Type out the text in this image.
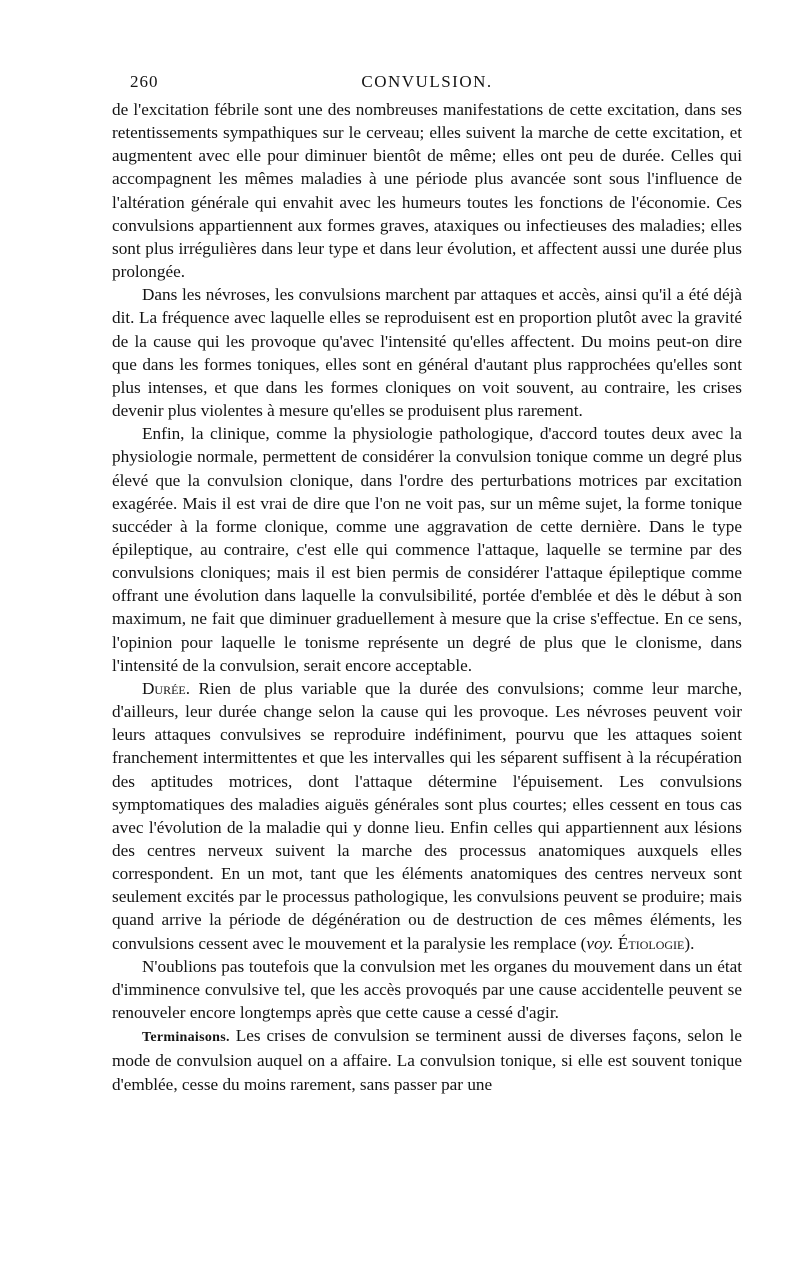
260	CONVULSION.

de l'excitation fébrile sont une des nombreuses manifestations de cette excitation, dans ses retentissements sympathiques sur le cerveau; elles suivent la marche de cette excitation, et augmentent avec elle pour diminuer bientôt de même; elles ont peu de durée. Celles qui accompagnent les mêmes maladies à une période plus avancée sont sous l'influence de l'altération générale qui envahit avec les humeurs toutes les fonctions de l'économie. Ces convulsions appartiennent aux formes graves, ataxiques ou infectieuses des maladies; elles sont plus irrégulières dans leur type et dans leur évolution, et affectent aussi une durée plus prolongée.

Dans les névroses, les convulsions marchent par attaques et accès, ainsi qu'il a été déjà dit. La fréquence avec laquelle elles se reproduisent est en proportion plutôt avec la gravité de la cause qui les provoque qu'avec l'intensité qu'elles affectent. Du moins peut-on dire que dans les formes toniques, elles sont en général d'autant plus rapprochées qu'elles sont plus intenses, et que dans les formes cloniques on voit souvent, au contraire, les crises devenir plus violentes à mesure qu'elles se produisent plus rarement.

Enfin, la clinique, comme la physiologie pathologique, d'accord toutes deux avec la physiologie normale, permettent de considérer la convulsion tonique comme un degré plus élevé que la convulsion clonique, dans l'ordre des perturbations motrices par excitation exagérée. Mais il est vrai de dire que l'on ne voit pas, sur un même sujet, la forme tonique succéder à la forme clonique, comme une aggravation de cette dernière. Dans le type épileptique, au contraire, c'est elle qui commence l'attaque, laquelle se termine par des convulsions cloniques; mais il est bien permis de considérer l'attaque épileptique comme offrant une évolution dans laquelle la convulsibilité, portée d'emblée et dès le début à son maximum, ne fait que diminuer graduellement à mesure que la crise s'effectue. En ce sens, l'opinion pour laquelle le tonisme représente un degré de plus que le clonisme, dans l'intensité de la convulsion, serait encore acceptable.

Durée. Rien de plus variable que la durée des convulsions; comme leur marche, d'ailleurs, leur durée change selon la cause qui les provoque. Les névroses peuvent voir leurs attaques convulsives se reproduire indéfiniment, pourvu que les attaques soient franchement intermittentes et que les intervalles qui les séparent suffisent à la récupération des aptitudes motrices, dont l'attaque détermine l'épuisement. Les convulsions symptomatiques des maladies aiguës générales sont plus courtes; elles cessent en tous cas avec l'évolution de la maladie qui y donne lieu. Enfin celles qui appartiennent aux lésions des centres nerveux suivent la marche des processus anatomiques auxquels elles correspondent. En un mot, tant que les éléments anatomiques des centres nerveux sont seulement excités par le processus pathologique, les convulsions peuvent se produire; mais quand arrive la période de dégénération ou de destruction de ces mêmes éléments, les convulsions cessent avec le mouvement et la paralysie les remplace (voy. Étiologie).

N'oublions pas toutefois que la convulsion met les organes du mouvement dans un état d'imminence convulsive tel, que les accès provoqués par une cause accidentelle peuvent se renouveler encore longtemps après que cette cause a cessé d'agir.

Terminaisons. Les crises de convulsion se terminent aussi de diverses façons, selon le mode de convulsion auquel on a affaire. La convulsion tonique, si elle est souvent tonique d'emblée, cesse du moins rarement, sans passer par une
